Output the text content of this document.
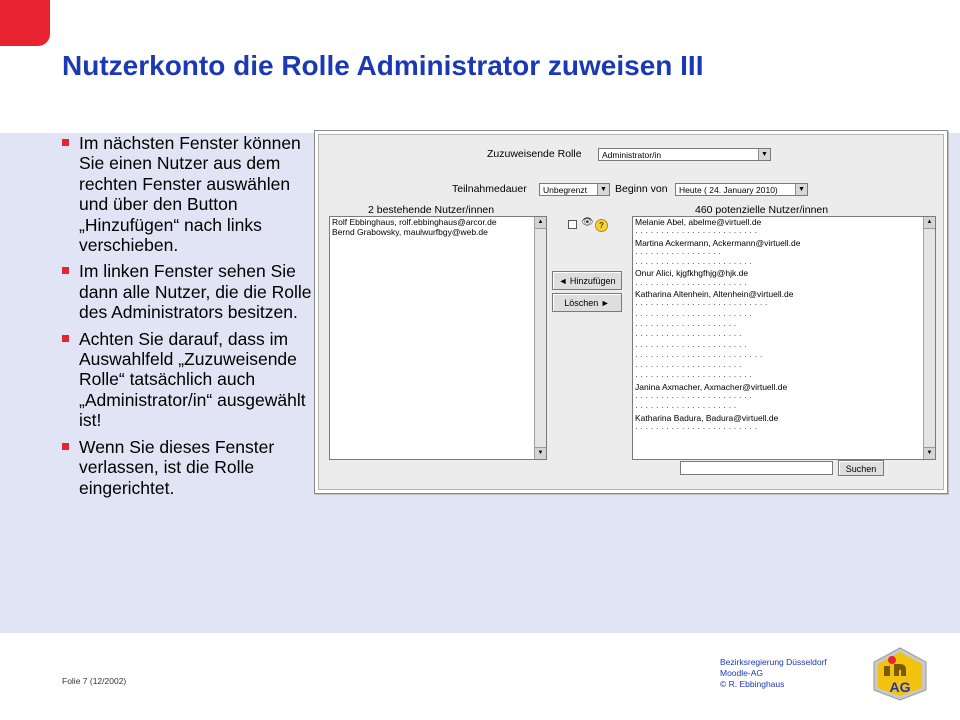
Nutzerkonto die Rolle Administrator zuweisen III
Im nächsten Fenster können Sie einen Nutzer aus dem rechten Fenster auswählen und über den Button „Hinzufügen“ nach links verschieben.
Im linken Fenster sehen Sie dann alle Nutzer, die die Rolle des Administrators besitzen.
Achten Sie darauf, dass im Auswahlfeld „Zuzuweisende Rolle“ tatsächlich auch „Administrator/in“ ausgewählt ist!
Wenn Sie dieses Fenster verlassen, ist die Rolle eingerichtet.
Zuzuweisende Rolle	Administrator/in	▼
Teilnahmedauer	Unbegrenzt	▼ Beginn von	Heute ( 24. January 2010)	▼
2 bestehende Nutzer/innen	460 potenzielle Nutzer/innen
Rolf Ebbinghaus, rolf.ebbinghaus@arcor.de
Bernd Grabowsky, maulwurfbgy@web.de
▲
▼
👁 ?
◄ Hinzufügen
Löschen ►
Melanie Abel, abelme@virtuell.de
· · · · · · · · · · · · · · · · · · · · · · · ·
Martina Ackermann, Ackermann@virtuell.de
· · · · · · · · · · · · · · · · ·
· · · · · · · · · · · · · · · · · · · · · · ·
Onur Alici, kjgfkhgfhjg@hjk.de
· · · · · · · · · · · · · · · · · · · · · ·
Katharina Altenhein, Altenhein@virtuell.de
· · · · · · · · · · · · · · · · · · · · · · · · · ·
· · · · · · · · · · · · · · · · · · · · · · ·
· · · · · · · · · · · · · · · · · · · ·
· · · · · · · · · · · · · · · · · · · · ·
· · · · · · · · · · · · · · · · · · · · · ·
· · · · · · · · · · · · · · · · · · · · · · · · ·
· · · · · · · · · · · · · · · · · · · · ·
· · · · · · · · · · · · · · · · · · · · · · ·
Janina Axmacher, Axmacher@virtuell.de
· · · · · · · · · · · · · · · · · · · · · · ·
· · · · · · · · · · · · · · · · · · · ·
Katharina Badura, Badura@virtuell.de
· · · · · · · · · · · · · · · · · · · · · · · ·
▲
▼
Suchen
Folie 7 (12/2002)
Bezirksregierung Düsseldorf
Moodle-AG
© R. Ebbinghaus	AG
